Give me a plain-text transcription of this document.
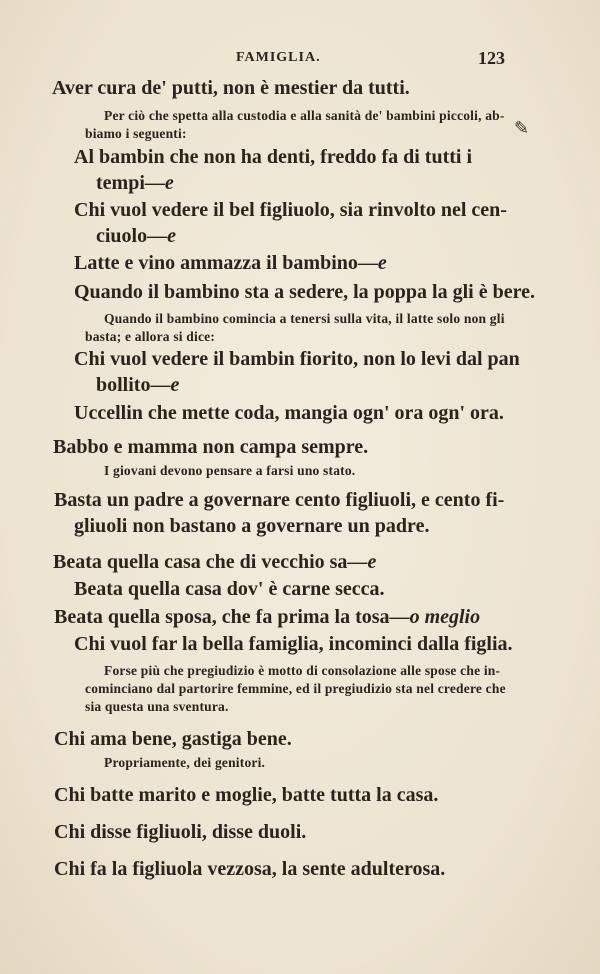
FAMIGLIA.	123
Aver cura de' putti, non è mestier da tutti.
Per ciò che spetta alla custodia e alla sanità de' bambini piccoli, ab-
biamo i seguenti:	✎
Al bambin che non ha denti, freddo fa di tutti i
tempi—e
Chi vuol vedere il bel figliuolo, sia rinvolto nel cen-
ciuolo—e
Latte e vino ammazza il bambino—e
Quando il bambino sta a sedere, la poppa la gli è bere.
Quando il bambino comincia a tenersi sulla vita, il latte solo non gli
basta; e allora si dice:
Chi vuol vedere il bambin fiorito, non lo levi dal pan
bollito—e
Uccellin che mette coda, mangia ogn' ora ogn' ora.
Babbo e mamma non campa sempre.
I giovani devono pensare a farsi uno stato.
Basta un padre a governare cento figliuoli, e cento fi-
gliuoli non bastano a governare un padre.
Beata quella casa che di vecchio sa—e
Beata quella casa dov' è carne secca.
Beata quella sposa, che fa prima la tosa—o meglio
Chi vuol far la bella famiglia, incominci dalla figlia.
Forse più che pregiudizio è motto di consolazione alle spose che in-
cominciano dal partorire femmine, ed il pregiudizio sta nel credere che
sia questa una sventura.
Chi ama bene, gastiga bene.
Propriamente, dei genitori.
Chi batte marito e moglie, batte tutta la casa.
Chi disse figliuoli, disse duoli.
Chi fa la figliuola vezzosa, la sente adulterosa.
